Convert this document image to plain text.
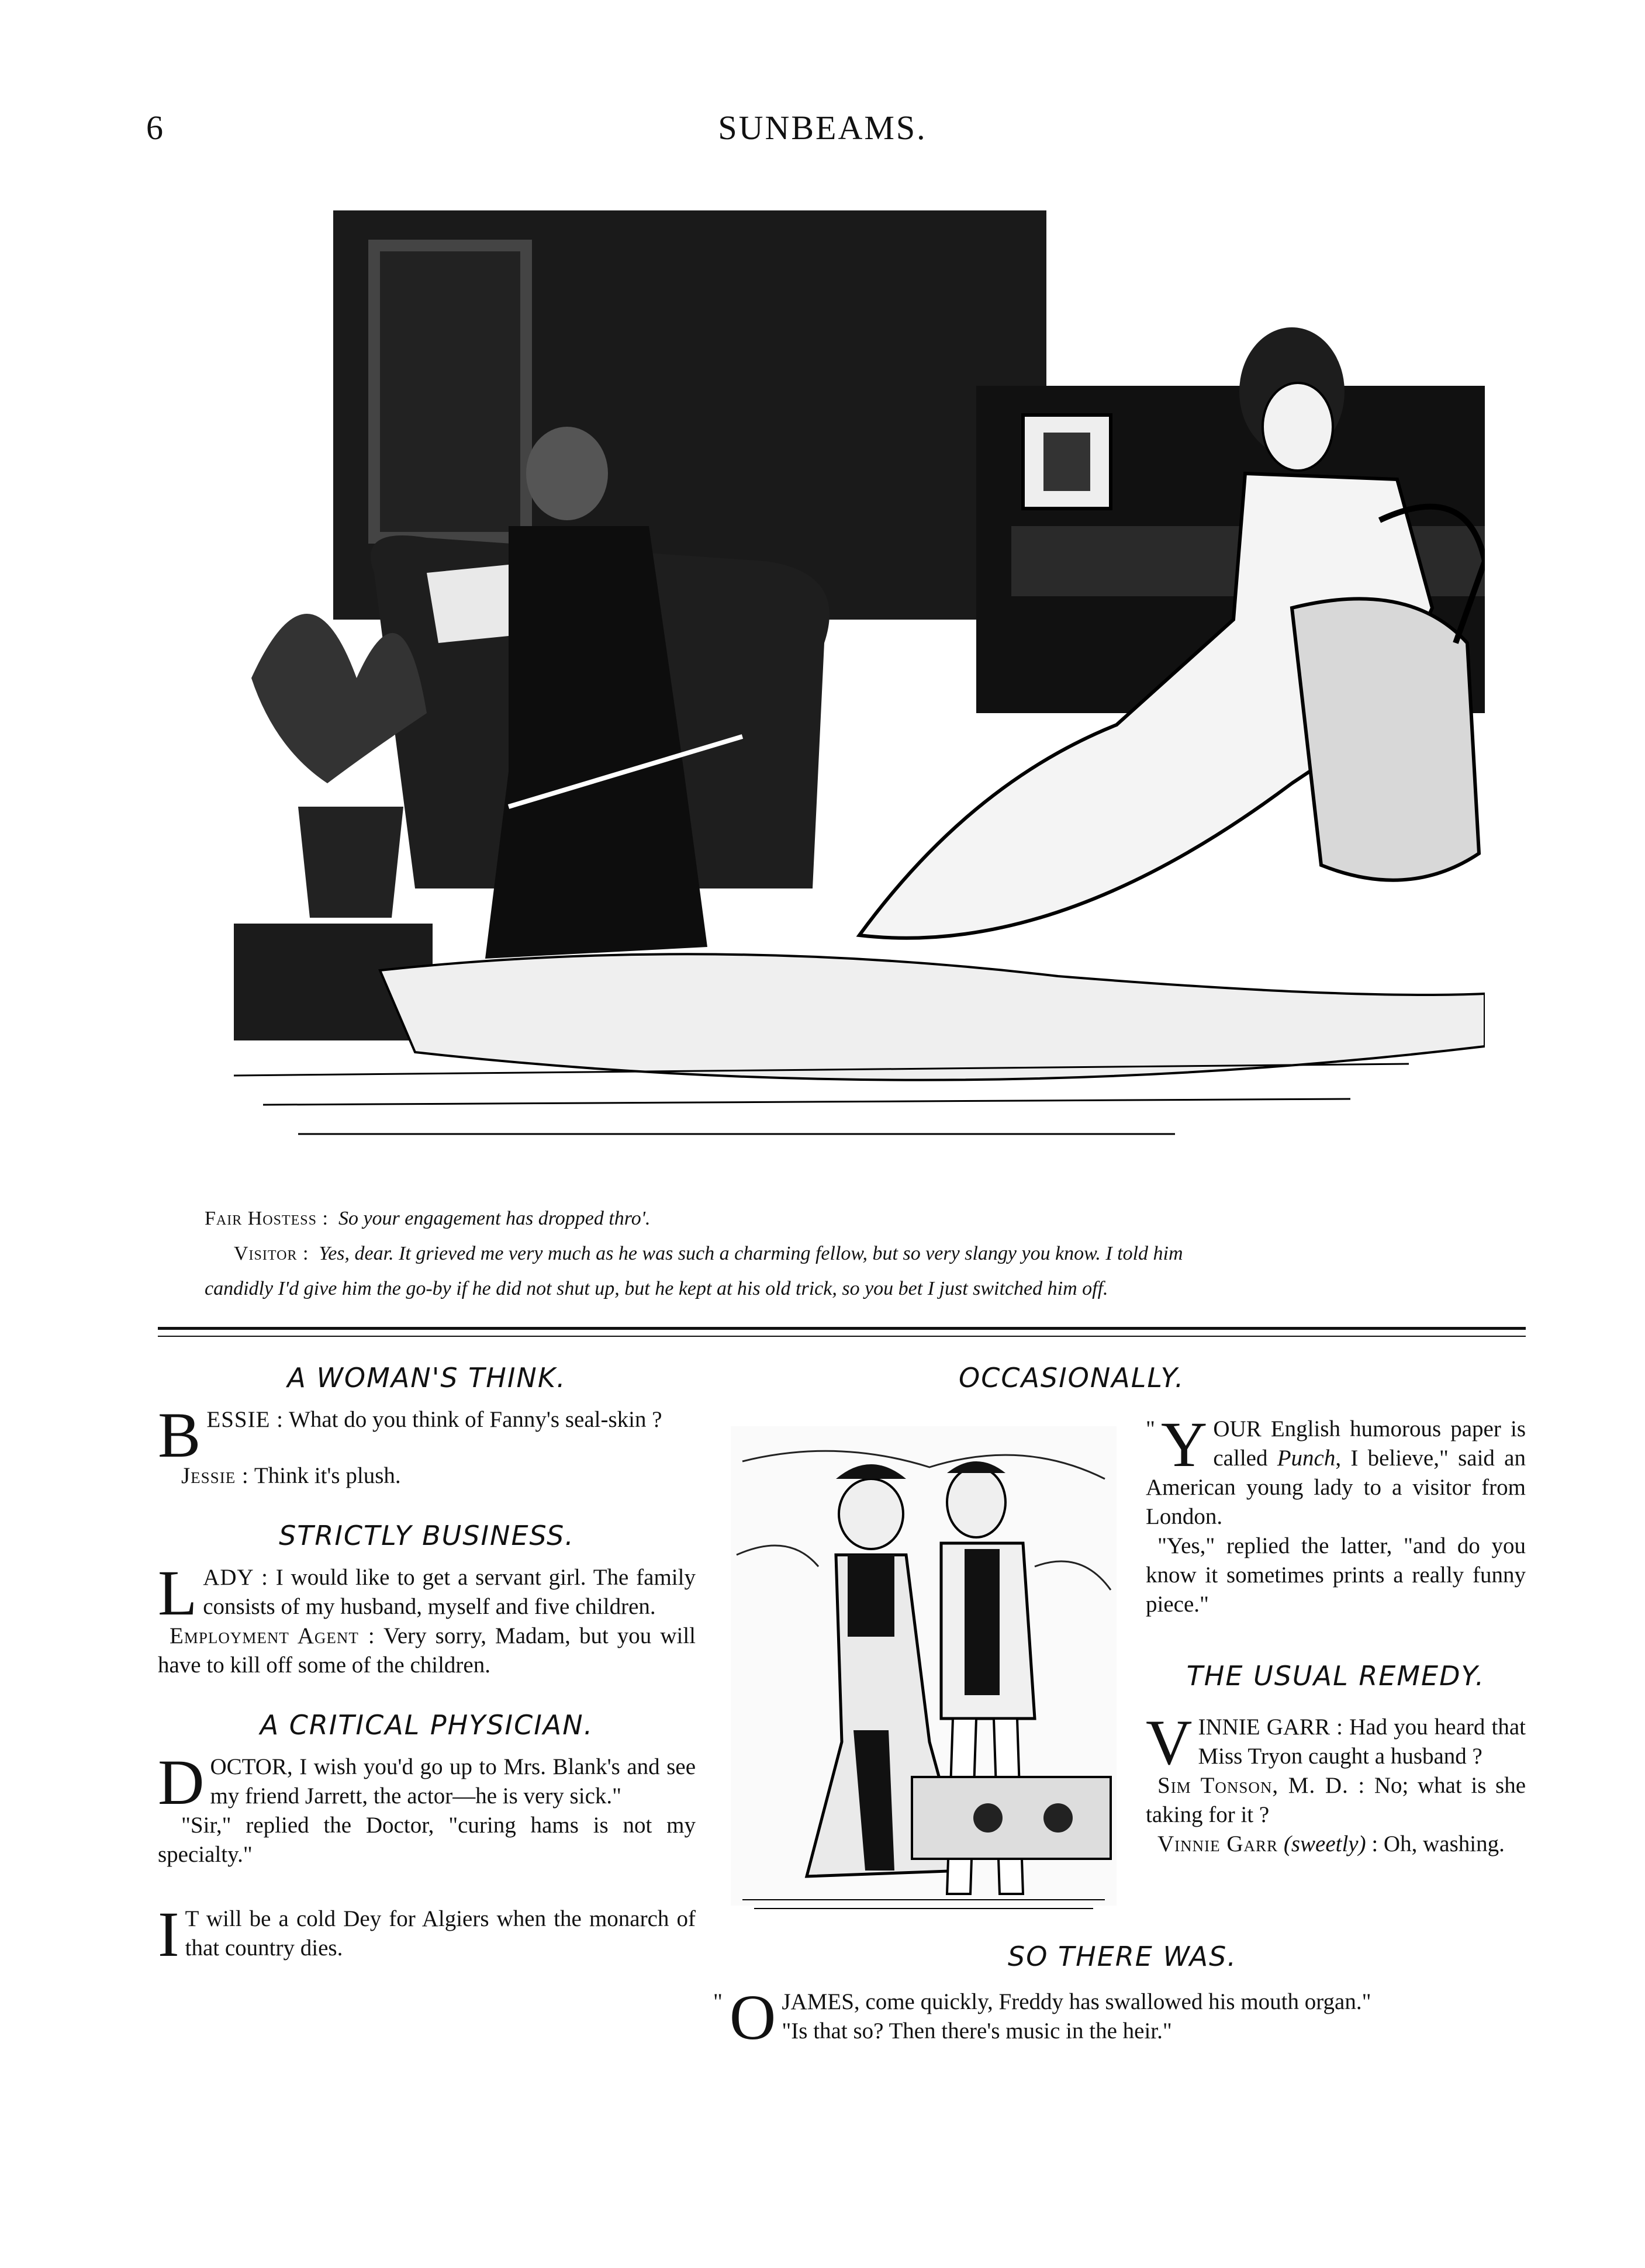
6	SUNBEAMS.
Fair Hostess : So your engagement has dropped thro'.
Visitor : Yes, dear. It grieved me very much as he was such a charming fellow, but so very slangy you know. I told him
candidly I'd give him the go-by if he did not shut up, but he kept at his old trick, so you bet I just switched him off.
A WOMAN'S THINK.
B ESSIE : What do you think of Fanny's seal-skin ?
Jessie : Think it's plush.
STRICTLY BUSINESS.
L ADY : I would like to get a servant girl. The family consists of my husband, myself and five children.
Employment Agent : Very sorry, Madam, but you will have to kill off some of the children.
A CRITICAL PHYSICIAN.
D OCTOR, I wish you'd go up to Mrs. Blank's and see my friend Jarrett, the actor—he is very sick."
"Sir," replied the Doctor, "curing hams is not my specialty."
I T will be a cold Dey for Algiers when the monarch of that country dies.
OCCASIONALLY.
" Y OUR English humorous paper is called Punch, I believe," said an American young lady to a visitor from London.
"Yes," replied the latter, "and do you know it sometimes prints a really funny piece."
THE USUAL REMEDY.
V INNIE GARR : Had you heard that Miss Tryon caught a husband ?
Sim Tonson, M. D. : No; what is she taking for it ?
Vinnie Garr (sweetly) : Oh, washing.
SO THERE WAS.
" O JAMES, come quickly, Freddy has swallowed his mouth organ."
"Is that so? Then there's music in the heir."
